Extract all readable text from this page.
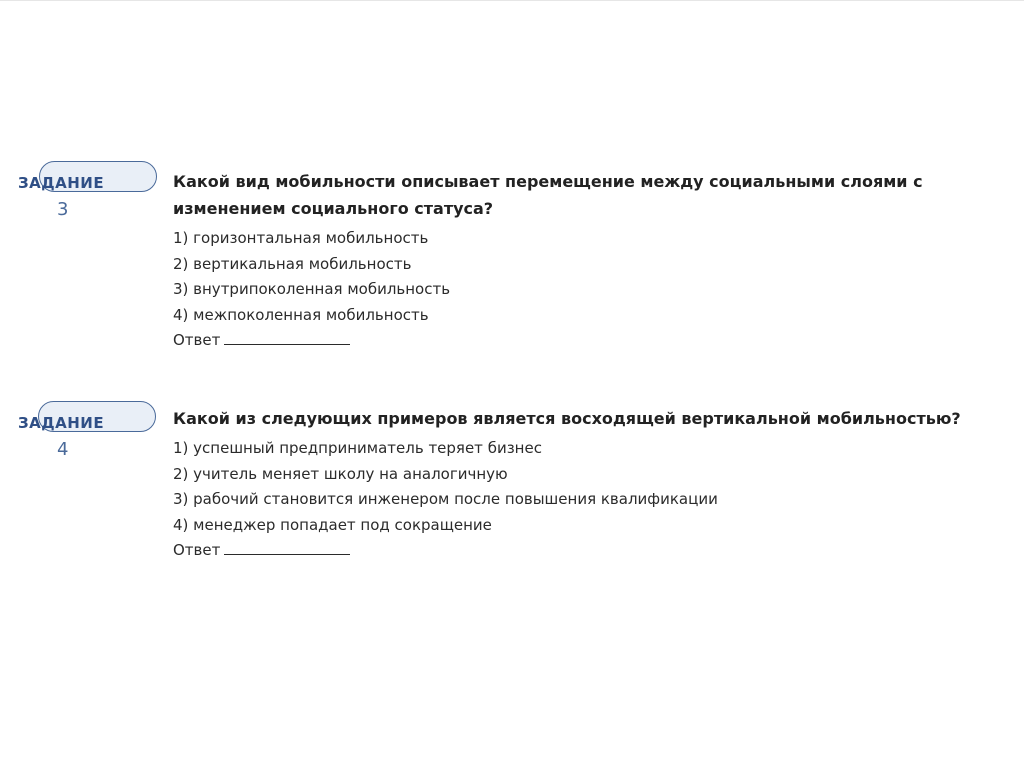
ЗАДАНИЕ
3

Какой вид мобильности описывает перемещение между социальными слоями с изменением социального статуса?

1) горизонтальная мобильность
2) вертикальная мобильность
3) внутрипоколенная мобильность
4) межпоколенная мобильность
Ответ
ЗАДАНИЕ
4

Какой из следующих примеров является восходящей вертикальной мобильностью?

1) успешный предприниматель теряет бизнес
2) учитель меняет школу на аналогичную
3) рабочий становится инженером после повышения квалификации
4) менеджер попадает под сокращение
Ответ
